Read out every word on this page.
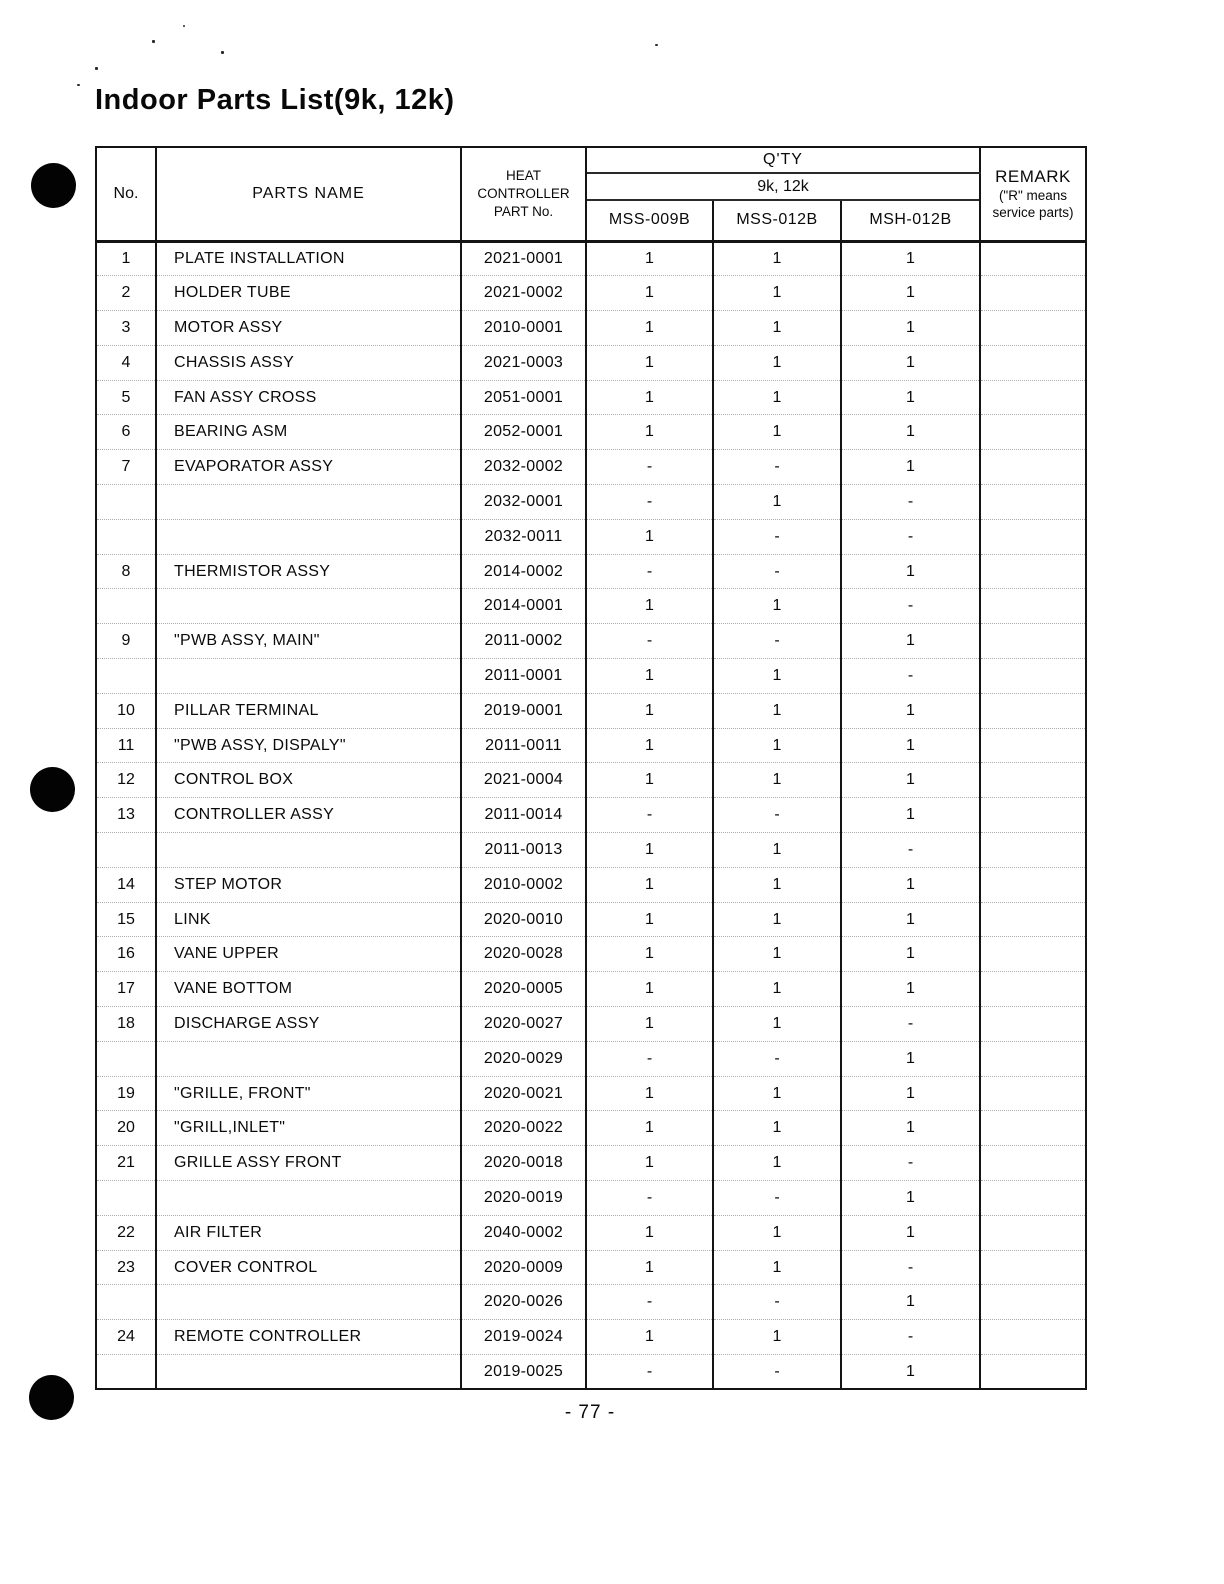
Indoor Parts List(9k, 12k)
No.	PARTS NAME	HEAT CONTROLLER PART No.	Q'TY			REMARK
("R" means
service parts)

			9k, 12k			
			MSS-009B	MSS-012B	MSH-012B	
1	PLATE INSTALLATION	2021-0001	1	1	1	
2	HOLDER TUBE	2021-0002	1	1	1	
3	MOTOR ASSY	2010-0001	1	1	1	
4	CHASSIS ASSY	2021-0003	1	1	1	
5	FAN ASSY CROSS	2051-0001	1	1	1	
6	BEARING ASM	2052-0001	1	1	1	
7	EVAPORATOR ASSY	2032-0002	-	-	1	
		2032-0001	-	1	-	
		2032-0011	1	-	-	
8	THERMISTOR ASSY	2014-0002	-	-	1	
		2014-0001	1	1	-	
9	"PWB ASSY, MAIN"	2011-0002	-	-	1	
		2011-0001	1	1	-	
10	PILLAR TERMINAL	2019-0001	1	1	1	
11	"PWB ASSY, DISPALY"	2011-0011	1	1	1	
12	CONTROL BOX	2021-0004	1	1	1	
13	CONTROLLER ASSY	2011-0014	-	-	1	
		2011-0013	1	1	-	
14	STEP MOTOR	2010-0002	1	1	1	
15	LINK	2020-0010	1	1	1	
16	VANE UPPER	2020-0028	1	1	1	
17	VANE BOTTOM	2020-0005	1	1	1	
18	DISCHARGE ASSY	2020-0027	1	1	-	
		2020-0029	-	-	1	
19	"GRILLE, FRONT"	2020-0021	1	1	1	
20	"GRILL,INLET"	2020-0022	1	1	1	
21	GRILLE ASSY FRONT	2020-0018	1	1	-	
		2020-0019	-	-	1	
22	AIR FILTER	2040-0002	1	1	1	
23	COVER CONTROL	2020-0009	1	1	-	
		2020-0026	-	-	1	
24	REMOTE CONTROLLER	2019-0024	1	1	-	
		2019-0025	-	-	1	
- 77 -
